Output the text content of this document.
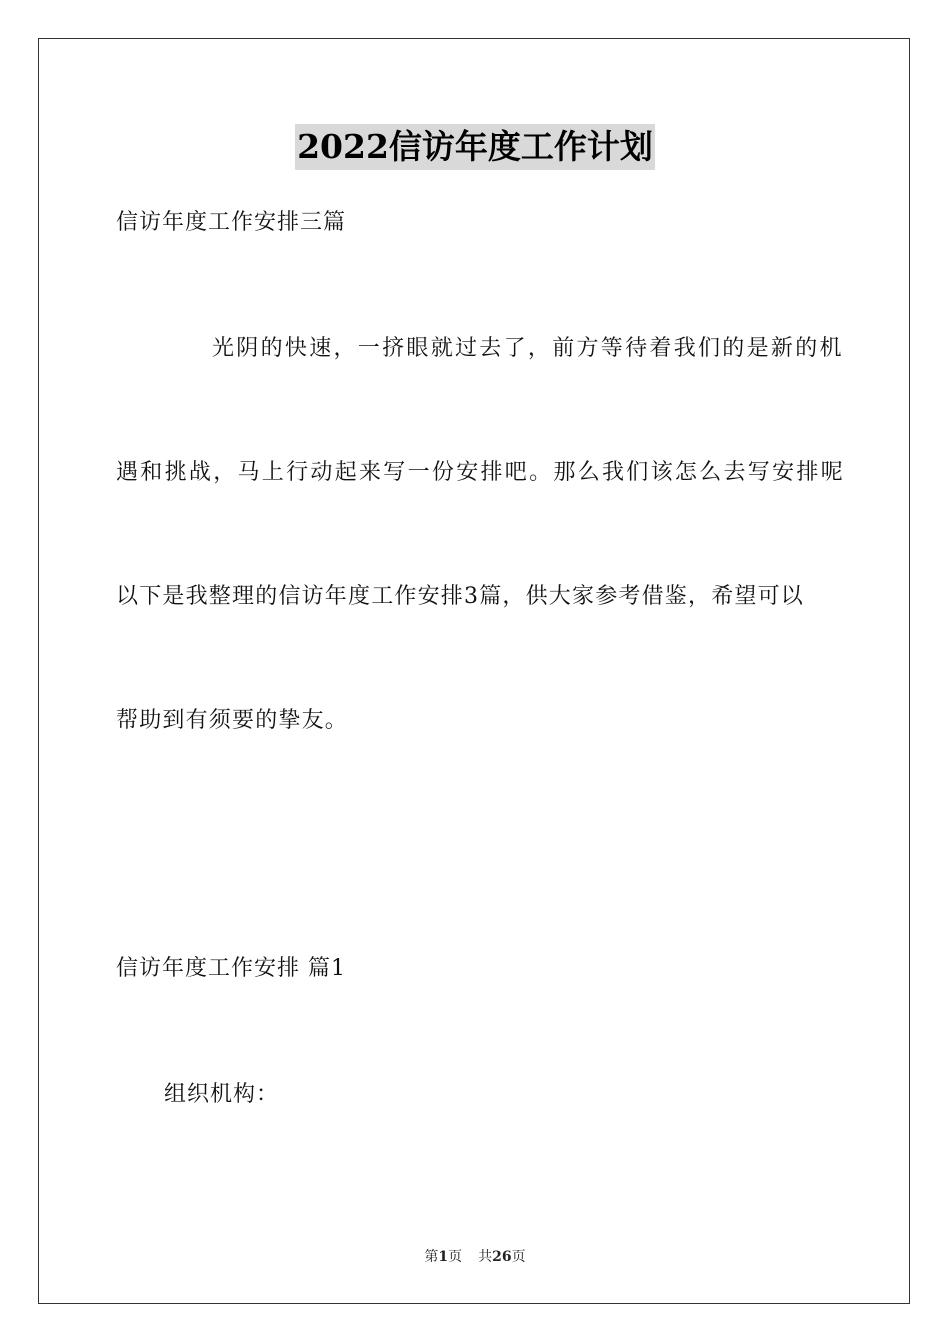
2022信访年度工作计划
信访年度工作安排三篇
光阴的快速，一挤眼就过去了，前方等待着我们的是新的机
遇和挑战，马上行动起来写一份安排吧。那么我们该怎么去写安排呢
以下是我整理的信访年度工作安排3篇，供大家参考借鉴，希望可以
帮助到有须要的挚友。
信访年度工作安排 篇1
组织机构：
第1页 共26页
